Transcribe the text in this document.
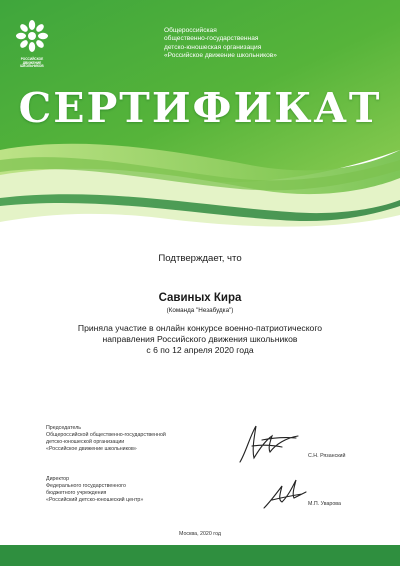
РОССИЙСКОЕ
ДВИЖЕНИЕ ШКОЛЬНИКОВ
Общероссийская
общественно-государственная
детско-юношеская организация
«Российское движение школьников»
СЕРТИФИКАТ
Подтверждает, что
Савиных Кира
(Команда "Незабудка")
Приняла участие в онлайн конкурсе военно-патриотического
направления Российского движения школьников
с 6 по 12 апреля 2020 года
Председатель
Общероссийской общественно-государственной
детско-юношеской организации
«Российское движение школьников»
С.Н. Рязанский
Директор
Федерального государственного
бюджетного учреждения
«Российский детско-юношеский центр»
М.П. Уварова
Москва, 2020 год
